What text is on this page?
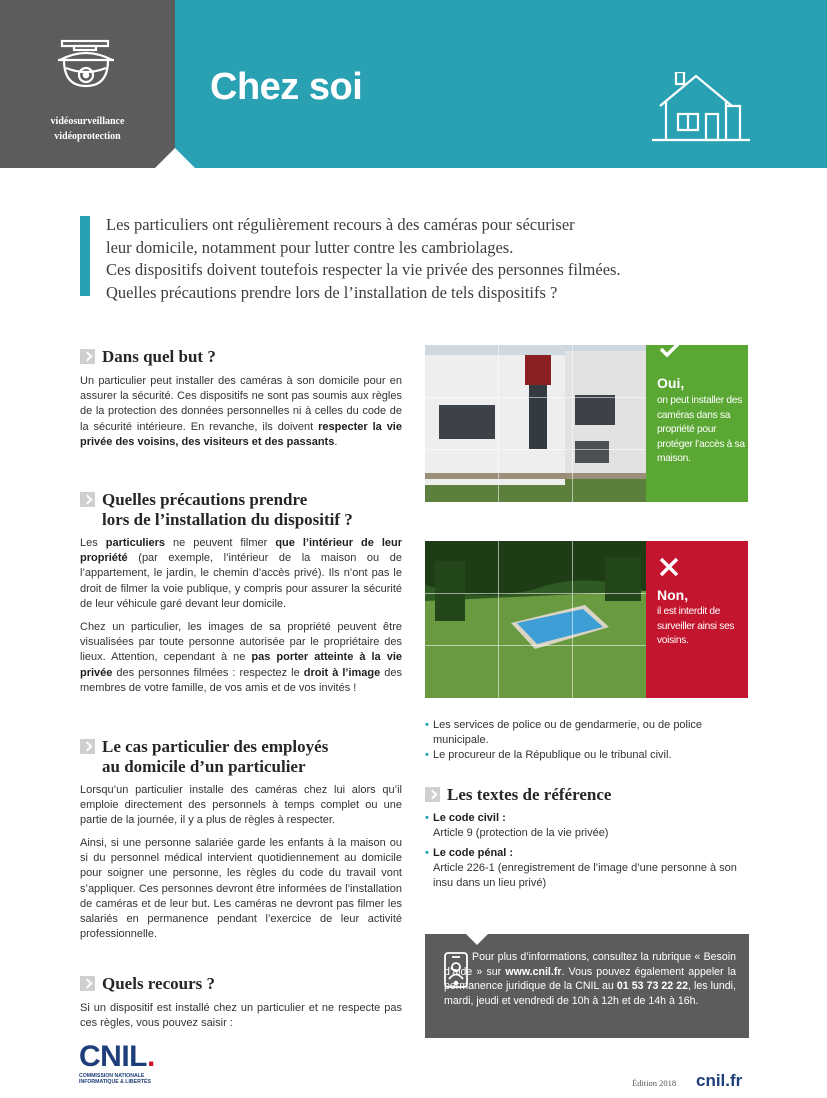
vidéosurveillance
vidéoprotection
Chez soi
Les particuliers ont régulièrement recours à des caméras pour sécuriser
leur domicile, notamment pour lutter contre les cambriolages.
Ces dispositifs doivent toutefois respecter la vie privée des personnes filmées.
Quelles précautions prendre lors de l’installation de tels dispositifs ?
Dans quel but ?

Un particulier peut installer des caméras à son domicile pour en assurer la sécurité. Ces dispositifs ne sont pas soumis aux règles de la protection des données personnelles ni à celles du code de la sécurité intérieure. En revanche, ils doivent respecter la vie privée des voisins, des visiteurs et des passants.

Quelles précautions prendre
lors de l’installation du dispositif ?

Les particuliers ne peuvent filmer que l’intérieur de leur propriété (par exemple, l’intérieur de la maison ou de l’appartement, le jardin, le chemin d’accès privé). Ils n’ont pas le droit de filmer la voie publique, y compris pour assurer la sécurité de leur véhicule garé devant leur domicile.

Chez un particulier, les images de sa propriété peuvent être visualisées par toute personne autorisée par le propriétaire des lieux. Attention, cependant à ne pas porter atteinte à la vie privée des personnes filmées : respectez le droit à l’image des membres de votre famille, de vos amis et de vos invités !

Le cas particulier des employés
au domicile d’un particulier

Lorsqu’un particulier installe des caméras chez lui alors qu’il emploie directement des personnels à temps complet ou une partie de la journée, il y a plus de règles à respecter.

Ainsi, si une personne salariée garde les enfants à la maison ou si du personnel médical intervient quotidiennement au domicile pour soigner une personne, les règles du code du travail vont s’appliquer. Ces personnes devront être informées de l’installation de caméras et de leur but. Les caméras ne devront pas filmer les salariés en permanence pendant l’exercice de leur activité professionnelle.

Quels recours ?

Si un dispositif est installé chez un particulier et ne respecte pas ces règles, vous pouvez saisir :

Oui,
on peut installer des caméras dans sa propriété pour protéger l’accès à sa maison.
Non,
il est interdit de surveiller ainsi ses voisins.
• Les services de police ou de gendarmerie, ou de police municipale.
• Le procureur de la République ou le tribunal civil.
Les textes de référence
• Le code civil :
Article 9 (protection de la vie privée)
• Le code pénal :
Article 226-1 (enregistrement de l’image d’une personne à son insu dans un lieu privé)

Pour plus d’informations, consultez la rubrique « Besoin d’aide » sur www.cnil.fr. Vous pouvez également appeler la permanence juridique de la CNIL au 01 53 73 22 22, les lundi, mardi, jeudi et vendredi de 10h à 12h et de 14h à 16h.

CNIL.
COMMISSION NATIONALE
INFORMATIQUE & LIBERTÉS	Édition 2018 cnil.fr
